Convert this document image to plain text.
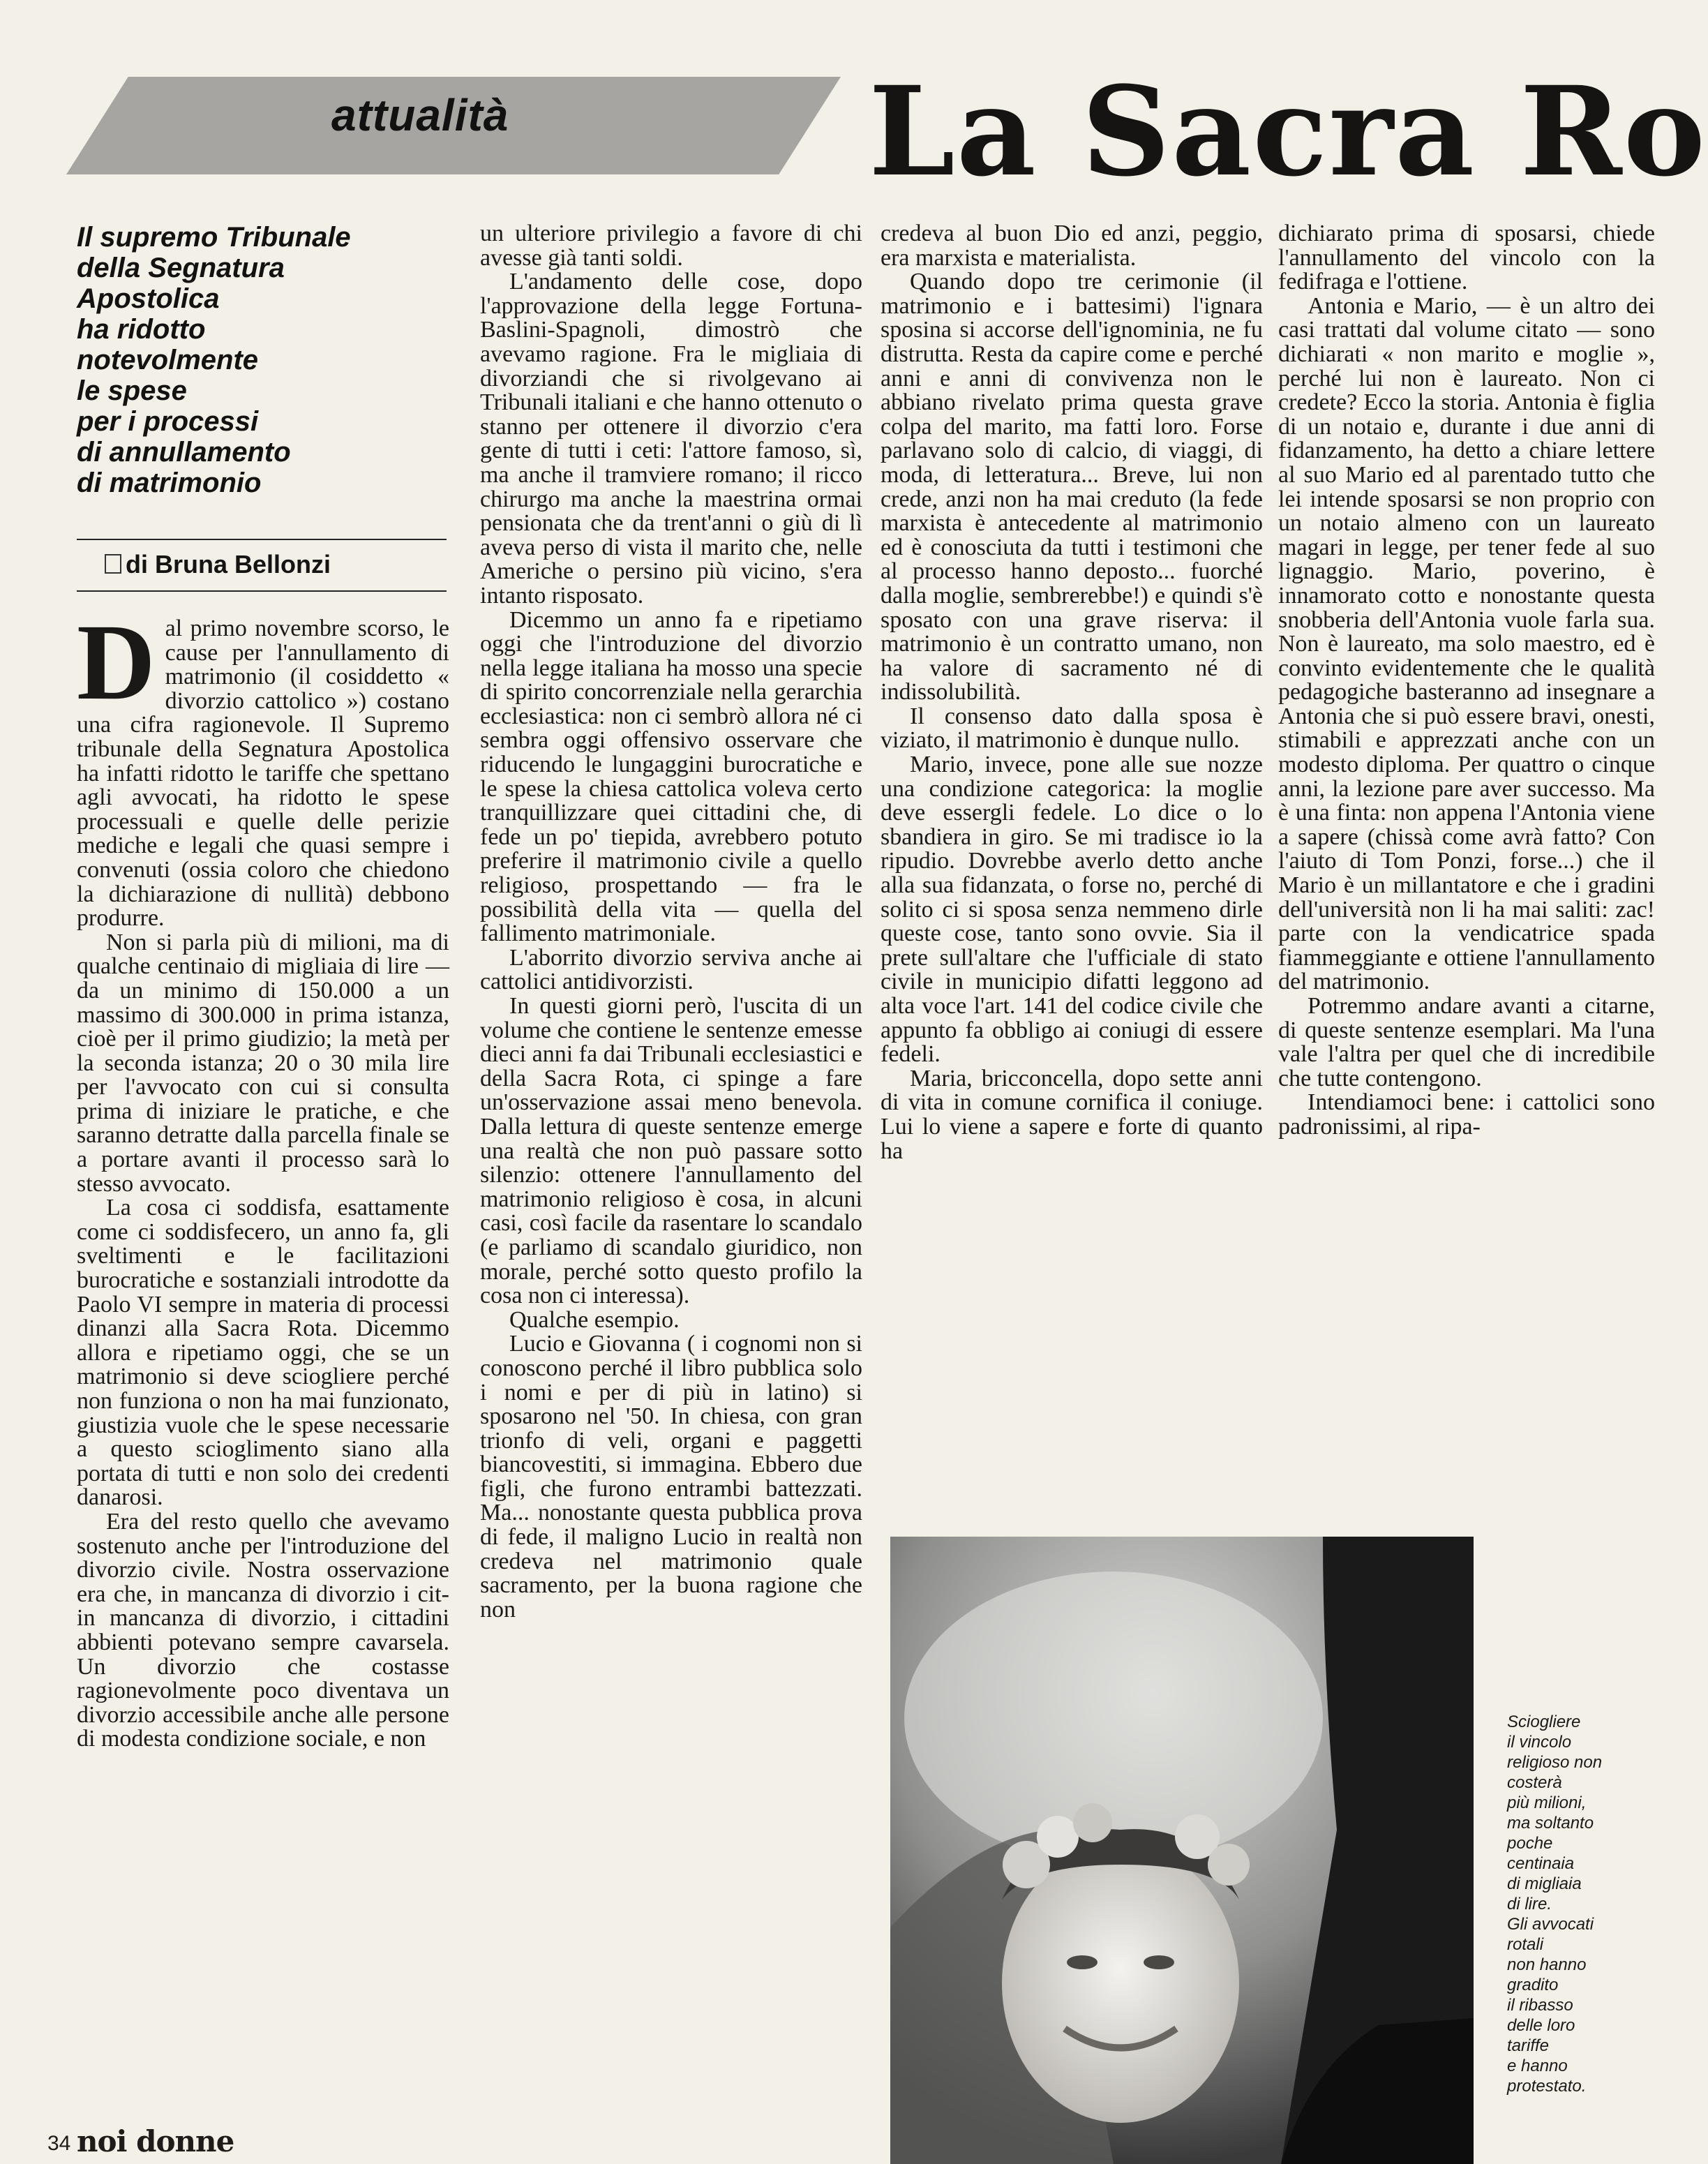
attualità	La Sacra Ro
Il supremo Tribunale
della Segnatura
Apostolica
ha ridotto
notevolmente
le spese
per i processi
di annullamento
di matrimonio
di Bruna Bellonzi

Dal primo novembre scorso, le cause per l'annullamento di matrimonio (il cosiddetto « divorzio cattolico ») costano una cifra ragionevole. Il Supremo tribunale della Segnatura Apostolica ha infatti ridotto le tariffe che spettano agli avvocati, ha ridotto le spese processuali e quelle delle perizie mediche e legali che quasi sempre i convenuti (ossia coloro che chiedono la dichiarazione di nullità) debbono produrre.

Non si parla più di milioni, ma di qualche centinaio di migliaia di lire — da un minimo di 150.000 a un massimo di 300.000 in prima istanza, cioè per il primo giudizio; la metà per la seconda istanza; 20 o 30 mila lire per l'avvocato con cui si consulta prima di iniziare le pratiche, e che saranno detratte dalla parcella finale se a portare avanti il processo sarà lo stesso avvocato.

La cosa ci soddisfa, esattamente come ci soddisfecero, un anno fa, gli sveltimenti e le facilitazioni burocratiche e sostanziali introdotte da Paolo VI sempre in materia di processi dinanzi alla Sacra Rota. Dicemmo allora e ripetiamo oggi, che se un matrimonio si deve sciogliere perché non funziona o non ha mai funzionato, giustizia vuole che le spese necessarie a questo scioglimento siano alla portata di tutti e non solo dei credenti danarosi.

Era del resto quello che avevamo sostenuto anche per l'introduzione del divorzio civile. Nostra osservazione era che, in mancanza di divorzio i cit- in mancanza di divorzio, i cittadini abbienti potevano sempre cavarsela. Un divorzio che costasse ragionevolmente poco diventava un divorzio accessibile anche alle persone di modesta condizione sociale, e non

un ulteriore privilegio a favore di chi avesse già tanti soldi.

L'andamento delle cose, dopo l'approvazione della legge Fortuna-Baslini-Spagnoli, dimostrò che avevamo ragione. Fra le migliaia di divorziandi che si rivolgevano ai Tribunali italiani e che hanno ottenuto o stanno per ottenere il divorzio c'era gente di tutti i ceti: l'attore famoso, sì, ma anche il tramviere romano; il ricco chirurgo ma anche la maestrina ormai pensionata che da trent'anni o giù di lì aveva perso di vista il marito che, nelle Americhe o persino più vicino, s'era intanto risposato.

Dicemmo un anno fa e ripetiamo oggi che l'introduzione del divorzio nella legge italiana ha mosso una specie di spirito concorrenziale nella gerarchia ecclesiastica: non ci sembrò allora né ci sembra oggi offensivo osservare che riducendo le lungaggini burocratiche e le spese la chiesa cattolica voleva certo tranquillizzare quei cittadini che, di fede un po' tiepida, avrebbero potuto preferire il matrimonio civile a quello religioso, prospettando — fra le possibilità della vita — quella del fallimento matrimoniale.

L'aborrito divorzio serviva anche ai cattolici antidivorzisti.

In questi giorni però, l'uscita di un volume che contiene le sentenze emesse dieci anni fa dai Tribunali ecclesiastici e della Sacra Rota, ci spinge a fare un'osservazione assai meno benevola. Dalla lettura di queste sentenze emerge una realtà che non può passare sotto silenzio: ottenere l'annullamento del matrimonio religioso è cosa, in alcuni casi, così facile da rasentare lo scandalo (e parliamo di scandalo giuridico, non morale, perché sotto questo profilo la cosa non ci interessa).

Qualche esempio.

Lucio e Giovanna ( i cognomi non si conoscono perché il libro pubblica solo i nomi e per di più in latino) si sposarono nel '50. In chiesa, con gran trionfo di veli, organi e paggetti biancovestiti, si immagina. Ebbero due figli, che furono entrambi battezzati. Ma... nonostante questa pubblica prova di fede, il maligno Lucio in realtà non credeva nel matrimonio quale sacramento, per la buona ragione che non

credeva al buon Dio ed anzi, peggio, era marxista e materialista.

Quando dopo tre cerimonie (il matrimonio e i battesimi) l'ignara sposina si accorse dell'ignominia, ne fu distrutta. Resta da capire come e perché anni e anni di convivenza non le abbiano rivelato prima questa grave colpa del marito, ma fatti loro. Forse parlavano solo di calcio, di viaggi, di moda, di letteratura... Breve, lui non crede, anzi non ha mai creduto (la fede marxista è antecedente al matrimonio ed è conosciuta da tutti i testimoni che al processo hanno deposto... fuorché dalla moglie, sembrerebbe!) e quindi s'è sposato con una grave riserva: il matrimonio è un contratto umano, non ha valore di sacramento né di indissolubilità.

Il consenso dato dalla sposa è viziato, il matrimonio è dunque nullo.

Mario, invece, pone alle sue nozze una condizione categorica: la moglie deve essergli fedele. Lo dice o lo sbandiera in giro. Se mi tradisce io la ripudio. Dovrebbe averlo detto anche alla sua fidanzata, o forse no, perché di solito ci si sposa senza nemmeno dirle queste cose, tanto sono ovvie. Sia il prete sull'altare che l'ufficiale di stato civile in municipio difatti leggono ad alta voce l'art. 141 del codice civile che appunto fa obbligo ai coniugi di essere fedeli.

Maria, bricconcella, dopo sette anni di vita in comune cornifica il coniuge. Lui lo viene a sapere e forte di quanto ha

dichiarato prima di sposarsi, chiede l'annullamento del vincolo con la fedifraga e l'ottiene.

Antonia e Mario, — è un altro dei casi trattati dal volume citato — sono dichiarati « non marito e moglie », perché lui non è laureato. Non ci credete? Ecco la storia. Antonia è figlia di un notaio e, durante i due anni di fidanzamento, ha detto a chiare lettere al suo Mario ed al parentado tutto che lei intende sposarsi se non proprio con un notaio almeno con un laureato magari in legge, per tener fede al suo lignaggio. Mario, poverino, è innamorato cotto e nonostante questa snobberia dell'Antonia vuole farla sua. Non è laureato, ma solo maestro, ed è convinto evidentemente che le qualità pedagogiche basteranno ad insegnare a Antonia che si può essere bravi, onesti, stimabili e apprezzati anche con un modesto diploma. Per quattro o cinque anni, la lezione pare aver successo. Ma è una finta: non appena l'Antonia viene a sapere (chissà come avrà fatto? Con l'aiuto di Tom Ponzi, forse...) che il Mario è un millantatore e che i gradini dell'università non li ha mai saliti: zac! parte con la vendicatrice spada fiammeggiante e ottiene l'annullamento del matrimonio.

Potremmo andare avanti a citarne, di queste sentenze esemplari. Ma l'una vale l'altra per quel che di incredibile che tutte contengono.

Intendiamoci bene: i cattolici sono padronissimi, al ripa-

Sciogliere
il vincolo
religioso non
costerà
più milioni,
ma soltanto
poche
centinaia
di migliaia
di lire.
Gli avvocati
rotali
non hanno
gradito
il ribasso
delle loro
tariffe
e hanno
protestato.
34 noi donne
